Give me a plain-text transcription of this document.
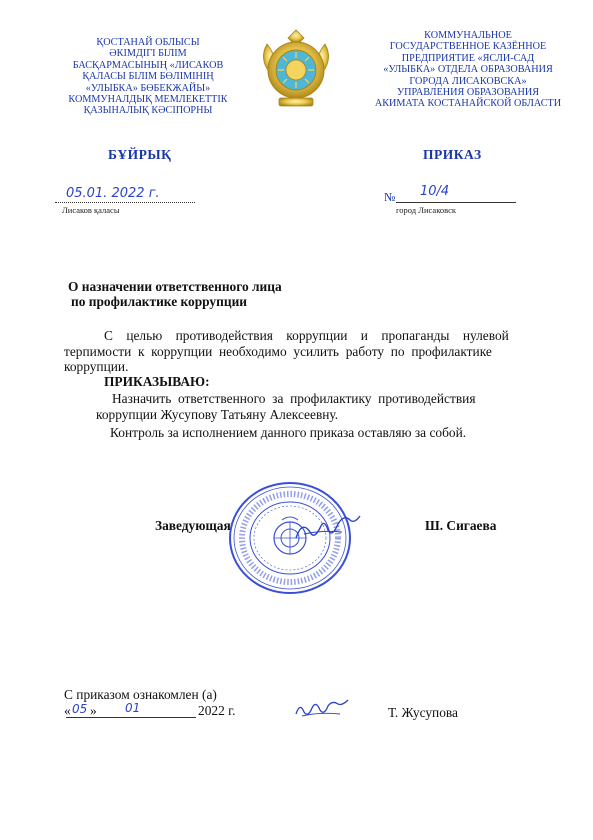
ҚОСТАНАЙ ОБЛЫСЫ
ӘКІМДІГІ БІЛІМ
БАСҚАРМАСЫНЫҢ «ЛИСАКОВ
ҚАЛАСЫ БІЛІМ БӨЛІМІНІҢ
«УЛЫБКА» БӨБЕКЖАЙЫ»
КОММУНАЛДЫҚ МЕМЛЕКЕТТІК
ҚАЗЫНАЛЫҚ КӘСІПОРНЫ
КОММУНАЛЬНОЕ
ГОСУДАРСТВЕННОЕ КАЗЁННОЕ
ПРЕДПРИЯТИЕ «ЯСЛИ-САД
«УЛЫБКА» ОТДЕЛА ОБРАЗОВАНИЯ
ГОРОДА ЛИСАКОВСКА»
УПРАВЛЕНИЯ ОБРАЗОВАНИЯ
АКИМАТА КОСТАНАЙСКОЙ ОБЛАСТИ
БҰЙРЫҚ	ПРИКАЗ
05.01. 2022 г.
Лисаков қаласы
№ 10/4
город Лисаковск
О назначении ответственного лица
по профилактике коррупции
С    целью    противодействия    коррупции    и    пропаганды    нулевой
терпимости  к  коррупции  необходимо  усилить  работу  по  профилактике
коррупции.
ПРИКАЗЫВАЮ:
Назначить  ответственного  за  профилактику  противодействия
коррупции Жусупову Татьяну Алексеевну.
Контроль за исполнением данного приказа оставляю за собой.
Заведующая	Ш. Сигаева
С приказом ознакомлен (а)
« 05 » 01	2022 г.	Т. Жусупова
